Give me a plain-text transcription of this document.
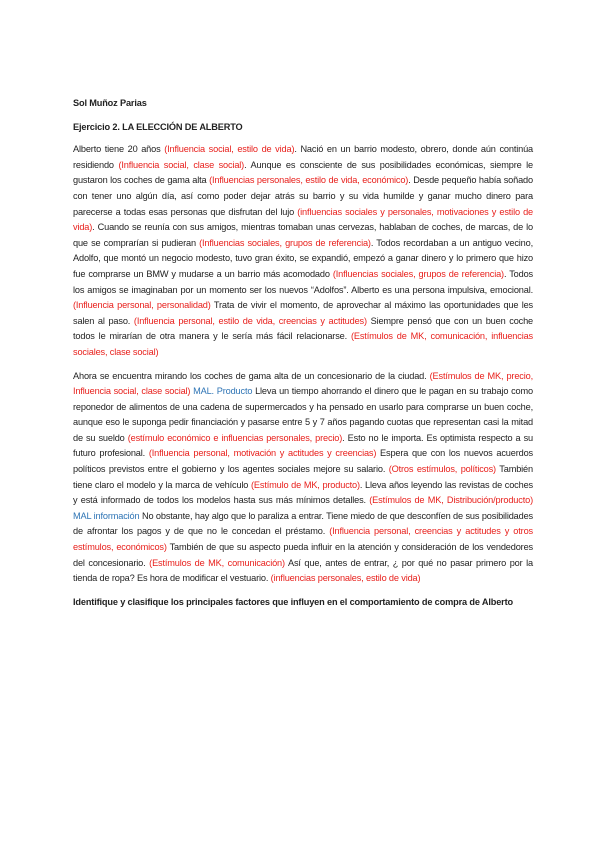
Sol Muñoz Parias

Ejercicio 2. LA ELECCIÓN DE ALBERTO

Alberto tiene 20 años (Influencia social, estilo de vida). Nació en un barrio modesto, obrero, donde aún continúa residiendo (Influencia social, clase social). Aunque es consciente de sus posibilidades económicas, siempre le gustaron los coches de gama alta (Influencias personales, estilo de vida, económico). Desde pequeño había soñado con tener uno algún día, así como poder dejar atrás su barrio y su vida humilde y ganar mucho dinero para parecerse a todas esas personas que disfrutan del lujo (influencias sociales y personales, motivaciones y estilo de vida). Cuando se reunía con sus amigos, mientras tomaban unas cervezas, hablaban de coches, de marcas, de lo que se comprarían si pudieran (Influencias sociales, grupos de referencia). Todos recordaban a un antiguo vecino, Adolfo, que montó un negocio modesto, tuvo gran éxito, se expandió, empezó a ganar dinero y lo primero que hizo fue comprarse un BMW y mudarse a un barrio más acomodado (Influencias sociales, grupos de referencia). Todos los amigos se imaginaban por un momento ser los nuevos “Adolfos”. Alberto es una persona impulsiva, emocional. (Influencia personal, personalidad) Trata de vivir el momento, de aprovechar al máximo las oportunidades que les salen al paso. (Influencia personal, estilo de vida, creencias y actitudes) Siempre pensó que con un buen coche todos le mirarían de otra manera y le sería más fácil relacionarse. (Estímulos de MK, comunicación, influencias sociales, clase social)

Ahora se encuentra mirando los coches de gama alta de un concesionario de la ciudad. (Estímulos de MK, precio, Influencia social, clase social) MAL. Producto Lleva un tiempo ahorrando el dinero que le pagan en su trabajo como reponedor de alimentos de una cadena de supermercados y ha pensado en usarlo para comprarse un buen coche, aunque eso le suponga pedir financiación y pasarse entre 5 y 7 años pagando cuotas que representan casi la mitad de su sueldo (estímulo económico e influencias personales, precio). Esto no le importa. Es optimista respecto a su futuro profesional. (Influencia personal, motivación y actitudes y creencias) Espera que con los nuevos acuerdos políticos previstos entre el gobierno y los agentes sociales mejore su salario. (Otros estímulos, políticos) También tiene claro el modelo y la marca de vehículo (Estímulo de MK, producto). Lleva años leyendo las revistas de coches y está informado de todos los modelos hasta sus más mínimos detalles. (Estímulos de MK, Distribución/producto) MAL información No obstante, hay algo que lo paraliza a entrar. Tiene miedo de que desconfíen de sus posibilidades de afrontar los pagos y de que no le concedan el préstamo. (Influencia personal, creencias y actitudes y otros estímulos, económicos) También de que su aspecto pueda influir en la atención y consideración de los vendedores del concesionario. (Estímulos de MK, comunicación) Así que, antes de entrar, ¿ por qué no pasar primero por la tienda de ropa? Es hora de modificar el vestuario. (influencias personales, estilo de vida)

Identifique y clasifique los principales factores que influyen en el comportamiento de compra de Alberto
